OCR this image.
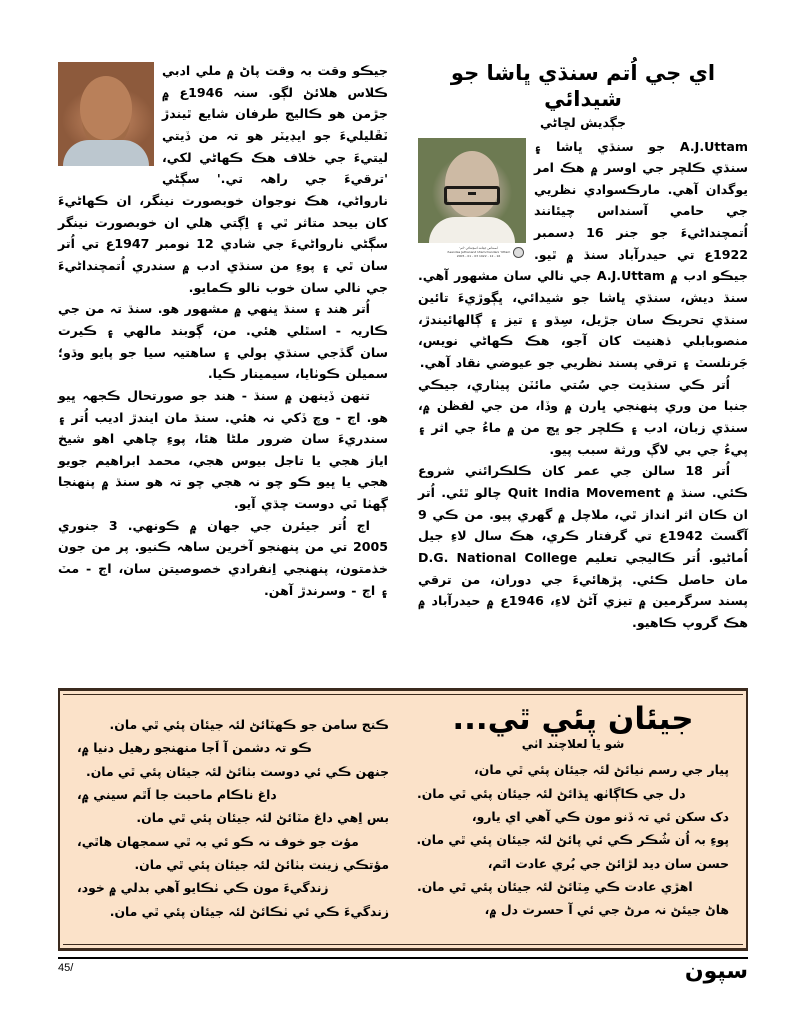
اي جي اُتم سنڌي ڀاشا جو شيدائي
جڳديش لڇاڻي
اسنداس جيئانند اتمچنداڻي 'اتم'
Asandas Jethanand Utamchandani 'Uttam'
16 - 12 - 1922 03 - 01 - 2005

A.J.Uttam جو سنڌي ڀاشا ۽ سنڌي ڪلچر جي اوسر ۾ ھڪ امر يوگدان آھي. مارڪسوادي نظريي جي حامي آسنداس چيئانند اُتمچنداڻيءَ جو جنر 16 ڊسمبر 1922ع تي حيدرآباد سنڌ ۾ ٿيو. جيڪو ادب ۾ A.J.Uttam جي نالي سان مشهور آھي. سنڌ ديش، سنڌي ڀاشا جو شيدائي، ڀڳوڙيءَ تائين سنڌي تحريڪ سان جڙيل، سِڌو ۽ تيز ۽ ڳالھائيندڙ، منصوبابلي ذهنيت کان آجو، ھڪ ڪهاڻي نويس، جَرنلسٽ ۽ ترقي پسند نظريي جو عيوضي نقاد آھي.

اُتر ڪي سنڌيت جي سُتي مائٽن پيٺاري، جيڪي جنبا من وري پنهنجي ڀارن ۾ وڏا، من جي لفظن ۾، سنڌي زبان، ادب ۽ ڪلچر جو ڀڄ من ۾ ماءُ جي اثر ۽ پيءُ جي بي لاڳ ورثة سبب پيو.

اُتر 18 سالن جي عمر کان ڪلڪرائني شروع ڪئي. سنڌ ۾ Quit India Movement چالو ٿئي. اُتر ان ڪان اثر انداز ٿي، ملاچل ۾ گھري پيو. من ڪي 9 آگسٽ 1942ع تي گرفتار ڪري، ھڪ سال لاءِ جيل اُماڻيو. اُتر ڪاليجي تعليم D.G. National College مان حاصل ڪئي. پڙھائيءَ جي دوران، من ترقي پسند سرگرمين ۾ تيزي آڻڻ لاءِ، 1946ع ۾ حيدرآباد ۾ ھڪ گروپ ڪاھيو.

جيڪو وقت بہ وقت پاڻ ۾ ملي ادبي ڪلاس ھلائڻ لڳو. سنہ 1946ع ۾ جڙمن ھو ڪاليج طرفان شايع ٿيندڙ ٽڦليليءَ جو ايڊيٽر ھو تہ من ڏيتي ليتيءَ جي خلاف ھڪ ڪهاڻي لکي، 'ترقيءَ جي راھہ تي.' سڳڻي نارواڻي، ھڪ نوجوان خوبصورت نينگر، ان ڪهاڻيءَ کان بيحد متاثر ٿي ۽ اِڳتي ھلي ان خوبصورت نينگر سڳڻي نارواڻيءَ جي شادي 12 نومبر 1947ع تي اُتر سان ٿي ۽ پوءِ من سنڌي ادب ۾ سندري اُتمچنداڻيءَ جي نالي سان خوب نالو ڪمايو.

اُتر ھند ۽ سنڌ ڀنھي ۾ مشهور ھو. سنڌ تہ من جي ڪاريہ - اسٿلي ھئي. من، ڳوبند مالھي ۽ ڪيرت سان گڏجي سنڌي ٻولي ۽ ساھتيہ سيا جو پايو وڌو؛ سميلن ڪوٺايا، سيمينار ڪيا.

تنهن ڏينهن ۾ سنڌ - ھند جو صورتحال ڪجھہ ڀيو ھو. اڄ - وچ ڏکي نہ ھئي. سنڌ مان ايندڙ اديب اُتر ۽ سندريءَ سان ضرور ملڻا ھئا، پوءِ چاھي اھو شيخ اياز ھجي يا تاجل بيوس ھجي، محمد ابراهيم جويو ھجي يا ڀيو ڪو چو نہ ھجي چو تہ ھو سنڌ ۾ پنهنجا ڳهٺا ٿي دوست چڌي آيو.

اڄ اُتر جيئرن جي جهان ۾ ڪونهي. 3 جنوري 2005 تي من پنهنجو آخرين ساھہ ڪنيو. پر من جون خذمتون، پنهنجي اِنفرادي خصوصيتن سان، اڄ - مٽ ۽ اڄ - وسرندڙ آھن.

جيئان پئي ٿي...
شو يا لعلاچند اٺي
پيار جي رسم نيائڻ لئہ جيئان پئي ٿي مان،
دل جي ڪاڳاٺھ ڀڌائڻ لئہ جيئان پئي ٿي مان.
دک سکن ئي تہ ڏنو مون ڪي آھي اي يارو،
پوءِ بہ اُن شُڪر ڪي ئي پائڻ لئہ جيئان پئي ٿي مان.
حسن سان ديد لڙائڻ جي بُري عادت اٿم،
اھڙي عادت ڪي مِٽائڻ لئہ جيئان پئي ٿي مان.
ھاڻ جيئڻ نہ مرڻ جي ئي آ حسرت دل ۾،
ڪنج سامن جو ڪھٽائڻ لئہ جيئان پئي ٿي مان.
ڪو تہ دشمن آ اَجا منهنجو رھيل دنيا ۾،
جنهن ڪي ئي دوست بٺائڻ لئہ جيئان پئي ٿي مان.
داغ ناڪام ماحبت جا اَٿم سيني ۾،
بس اِھي داغ مٽائڻ لئہ جيئان پئي ٿي مان.
مؤت جو خوف نہ ڪو ئي بہ ٿي سمجهان ھاٿي،
مؤتڪي زينت بٺائڻ لئہ جيئان پئي ٿي مان.
زندگيءَ مون ڪي ٺڪايو آھي بدلي ۾ خود،
زندگيءَ ڪي ئي ٺڪائڻ لئہ جيئان پئي ٿي مان.
45/	سپون
